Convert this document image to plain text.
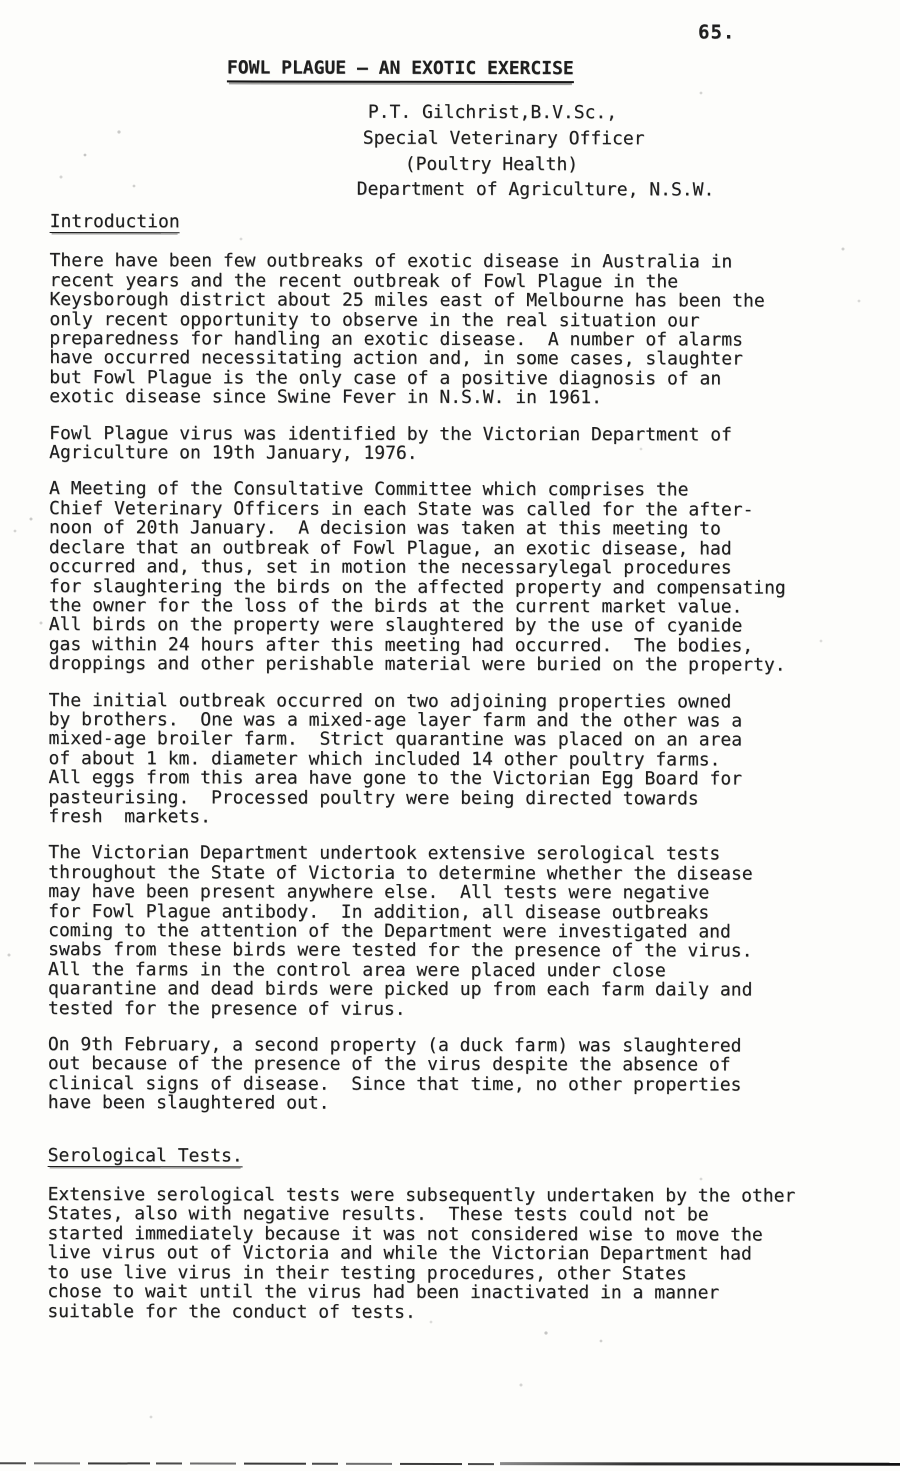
65.
FOWL PLAGUE – AN EXOTIC EXERCISE
P.T. Gilchrist,B.V.Sc.,
Special Veterinary Officer
(Poultry Health)
Department of Agriculture, N.S.W.
Introduction

There have been few outbreaks of exotic disease in Australia in
recent years and the recent outbreak of Fowl Plague in the
Keysborough district about 25 miles east of Melbourne has been the
only recent opportunity to observe in the real situation our
preparedness for handling an exotic disease.  A number of alarms
have occurred necessitating action and, in some cases, slaughter
but Fowl Plague is the only case of a positive diagnosis of an
exotic disease since Swine Fever in N.S.W. in 1961.

Fowl Plague virus was identified by the Victorian Department of
Agriculture on 19th January, 1976.

A Meeting of the Consultative Committee which comprises the
Chief Veterinary Officers in each State was called for the after-
noon of 20th January.  A decision was taken at this meeting to
declare that an outbreak of Fowl Plague, an exotic disease, had
occurred and, thus, set in motion the necessarylegal procedures
for slaughtering the birds on the affected property and compensating
the owner for the loss of the birds at the current market value.
All birds on the property were slaughtered by the use of cyanide
gas within 24 hours after this meeting had occurred.  The bodies,
droppings and other perishable material were buried on the property.

The initial outbreak occurred on two adjoining properties owned
by brothers.  One was a mixed-age layer farm and the other was a
mixed-age broiler farm.  Strict quarantine was placed on an area
of about 1 km. diameter which included 14 other poultry farms.
All eggs from this area have gone to the Victorian Egg Board for
pasteurising.  Processed poultry were being directed towards
fresh  markets.

The Victorian Department undertook extensive serological tests
throughout the State of Victoria to determine whether the disease
may have been present anywhere else.  All tests were negative
for Fowl Plague antibody.  In addition, all disease outbreaks
coming to the attention of the Department were investigated and
swabs from these birds were tested for the presence of the virus.
All the farms in the control area were placed under close
quarantine and dead birds were picked up from each farm daily and
tested for the presence of virus.

On 9th February, a second property (a duck farm) was slaughtered
out because of the presence of the virus despite the absence of
clinical signs of disease.  Since that time, no other properties
have been slaughtered out.

Serological Tests.

Extensive serological tests were subsequently undertaken by the other
States, also with negative results.  These tests could not be
started immediately because it was not considered wise to move the
live virus out of Victoria and while the Victorian Department had
to use live virus in their testing procedures, other States
chose to wait until the virus had been inactivated in a manner
suitable for the conduct of tests.
